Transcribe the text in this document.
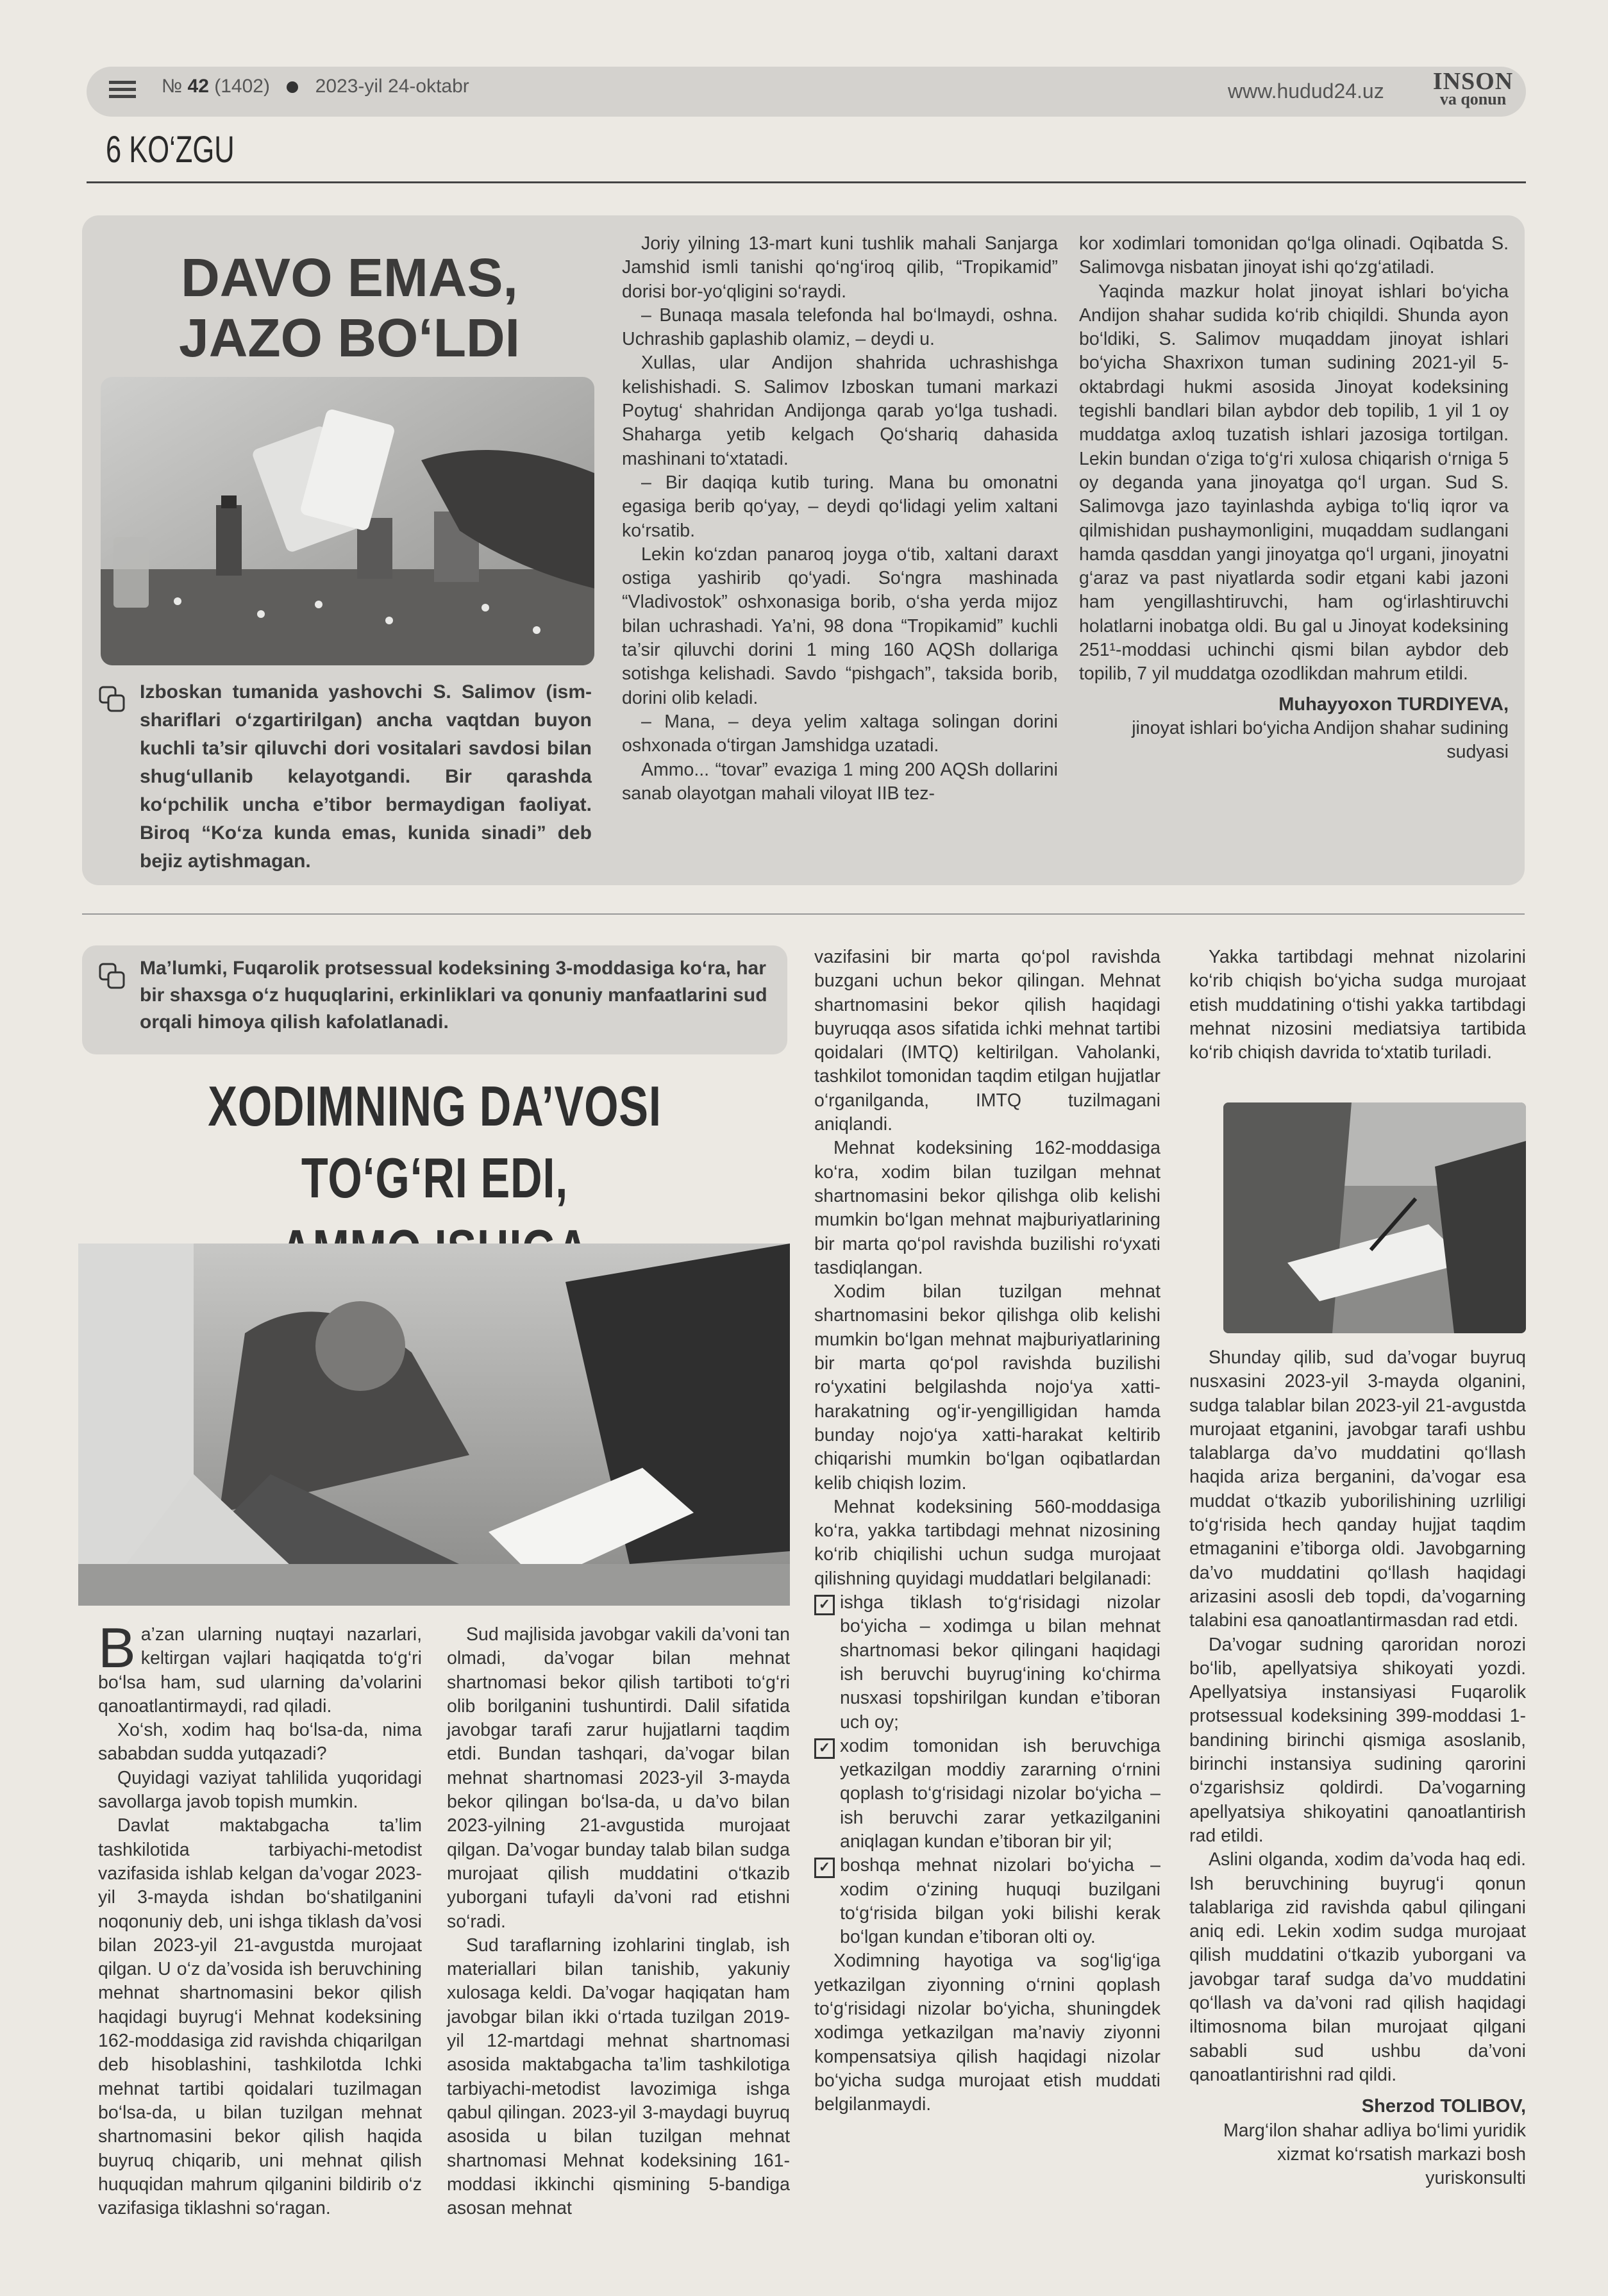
№ 42 (1402) 2023-yil 24-oktabr	www.hudud24.uz	INSON
va qonun
6 KO‘ZGU
DAVO EMAS,
JAZO BO‘LDI
Izboskan tumanida yashovchi S. Salimov (ism-shariflari o‘zgartirilgan) ancha vaqtdan buyon kuchli ta’sir qiluvchi dori vositalari savdosi bilan shug‘ullanib kelayotgandi. Bir qarashda ko‘pchilik uncha e’tibor bermaydigan faoliyat. Biroq “Ko‘za kunda emas, kunida sinadi” deb bejiz aytishmagan.

Joriy yilning 13-mart kuni tushlik mahali Sanjarga Jamshid ismli tanishi qo‘ng‘iroq qilib, “Tropikamid” dorisi bor-yo‘qligini so‘raydi.

– Bunaqa masala telefonda hal bo‘lmaydi, oshna. Uchrashib gaplashib olamiz, – deydi u.

Xullas, ular Andijon shahrida uchrashishga kelishishadi. S. Salimov Izboskan tumani markazi Poytug‘ shahridan Andijonga qarab yo‘lga tushadi. Shaharga yetib kelgach Qo‘shariq dahasida mashinani to‘xtatadi.

– Bir daqiqa kutib turing. Mana bu omonatni egasiga berib qo‘yay, – deydi qo‘lidagi yelim xaltani ko‘rsatib.

Lekin ko‘zdan panaroq joyga o‘tib, xaltani daraxt ostiga yashirib qo‘yadi. So‘ngra mashinada “Vladivostok” oshxonasiga borib, o‘sha yerda mijoz bilan uchrashadi. Ya’ni, 98 dona “Tropikamid” kuchli ta’sir qiluvchi dorini 1 ming 160 AQSh dollariga sotishga kelishadi. Savdo “pishgach”, taksida borib, dorini olib keladi.

– Mana, – deya yelim xaltaga solingan dorini oshxonada o‘tirgan Jamshidga uzatadi.

Ammo... “tovar” evaziga 1 ming 200 AQSh dollarini sanab olayotgan mahali viloyat IIB tez-

kor xodimlari tomonidan qo‘lga olinadi. Oqibatda S. Salimovga nisbatan jinoyat ishi qo‘zg‘atiladi.

Yaqinda mazkur holat jinoyat ishlari bo‘yicha Andijon shahar sudida ko‘rib chiqildi. Shunda ayon bo‘ldiki, S. Salimov muqaddam jinoyat ishlari bo‘yicha Shaxrixon tuman sudining 2021-yil 5-oktabrdagi hukmi asosida Jinoyat kodeksining tegishli bandlari bilan aybdor deb topilib, 1 yil 1 oy muddatga axloq tuzatish ishlari jazosiga tortilgan. Lekin bundan o‘ziga to‘g‘ri xulosa chiqarish o‘rniga 5 oy deganda yana jinoyatga qo‘l urgan. Sud S. Salimovga jazo tayinlashda aybiga to‘liq iqror va qilmishidan pushaymonligini, muqaddam sudlangani hamda qasddan yangi jinoyatga qo‘l urgani, jinoyatni g‘araz va past niyatlarda sodir etgani kabi jazoni ham yengillashtiruvchi, ham og‘irlashtiruvchi holatlarni inobatga oldi. Bu gal u Jinoyat kodeksining 251¹-moddasi uchinchi qismi bilan aybdor deb topilib, 7 yil muddatga ozodlikdan mahrum etildi.

Muhayyoxon TURDIYEVA,
jinoyat ishlari bo‘yicha Andijon shahar sudining sudyasi
Ma’lumki, Fuqarolik protsessual kodeksining 3-moddasiga ko‘ra, har bir shaxsga o‘z huquqlarini, erkinliklari va qonuniy manfaatlarini sud orqali himoya qilish kafolatlanadi.
XODIMNING DA’VOSI TO‘G‘RI EDI,

Ba’zan ularning nuqtayi nazarlari, keltirgan vajlari haqiqatda to‘g‘ri bo‘lsa ham, sud ularning da’volarini qanoatlantirmaydi, rad qiladi.

Xo‘sh, xodim haq bo‘lsa-da, nima sababdan sudda yutqazadi?

Quyidagi vaziyat tahlilida yuqoridagi savollarga javob topish mumkin.

Davlat maktabgacha ta’lim tashkilotida tarbiyachi-metodist vazifasida ishlab kelgan da’vogar 2023-yil 3-mayda ishdan bo‘shatilganini noqonuniy deb, uni ishga tiklash da’vosi bilan 2023-yil 21-avgustda murojaat qilgan. U o‘z da’vosida ish beruvchining mehnat shartnomasini bekor qilish haqidagi buyrug‘i Mehnat kodeksining 162-moddasiga zid ravishda chiqarilgan deb hisoblashini, tashkilotda Ichki mehnat tartibi qoidalari tuzilmagan bo‘lsa-da, u bilan tuzilgan mehnat shartnomasini bekor qilish haqida buyruq chiqarib, uni mehnat qilish huquqidan mahrum qilganini bildirib o‘z vazifasiga tiklashni so‘ragan.

Sud majlisida javobgar vakili da’voni tan olmadi, da’vogar bilan mehnat shartnomasi bekor qilish tartiboti to‘g‘ri olib borilganini tushuntirdi. Dalil sifatida javobgar tarafi zarur hujjatlarni taqdim etdi. Bundan tashqari, da’vogar bilan mehnat shartnomasi 2023-yil 3-mayda bekor qilingan bo‘lsa-da, u da’vo bilan 2023-yilning 21-avgustida murojaat qilgan. Da’vogar bunday talab bilan sudga murojaat qilish muddatini o‘tkazib yuborgani tufayli da’voni rad etishni so‘radi.

Sud taraflarning izohlarini tinglab, ish materiallari bilan tanishib, yakuniy xulosaga keldi. Da’vogar haqiqatan ham javobgar bilan ikki o‘rtada tuzilgan 2019-yil 12-martdagi mehnat shartnomasi asosida maktabgacha ta’lim tashkilotiga tarbiyachi-metodist lavozimiga ishga qabul qilingan. 2023-yil 3-maydagi buyruq asosida u bilan tuzilgan mehnat shartnomasi Mehnat kodeksining 161-moddasi ikkinchi qismining 5-bandiga asosan mehnat

vazifasini bir marta qo‘pol ravishda buzgani uchun bekor qilingan. Mehnat shartnomasini bekor qilish haqidagi buyruqqa asos sifatida ichki mehnat tartibi qoidalari (IMTQ) keltirilgan. Vaholanki, tashkilot tomonidan taqdim etilgan hujjatlar o‘rganilganda, IMTQ tuzilmagani aniqlandi.

Mehnat kodeksining 162-moddasiga ko‘ra, xodim bilan tuzilgan mehnat shartnomasini bekor qilishga olib kelishi mumkin bo‘lgan mehnat majburiyatlarining bir marta qo‘pol ravishda buzilishi ro‘yxati tasdiqlangan.

Xodim bilan tuzilgan mehnat shartnomasini bekor qilishga olib kelishi mumkin bo‘lgan mehnat majburiyatlarining bir marta qo‘pol ravishda buzilishi ro‘yxatini belgilashda nojo‘ya xatti-harakatning og‘ir-yengilligidan hamda bunday nojo‘ya xatti-harakat keltirib chiqarishi mumkin bo‘lgan oqibatlardan kelib chiqish lozim.

Mehnat kodeksining 560-moddasiga ko‘ra, yakka tartibdagi mehnat nizosining ko‘rib chiqilishi uchun sudga murojaat qilishning quyidagi muddatlari belgilanadi:

✓ ishga tiklash to‘g‘risidagi nizolar bo‘yicha – xodimga u bilan mehnat shartnomasi bekor qilingani haqidagi ish beruvchi buyrug‘ining ko‘chirma nusxasi topshirilgan kundan e’tiboran uch oy;
✓ xodim tomonidan ish beruvchiga yetkazilgan moddiy zararning o‘rnini qoplash to‘g‘risidagi nizolar bo‘yicha – ish beruvchi zarar yetkazilganini aniqlagan kundan e’tiboran bir yil;
✓ boshqa mehnat nizolari bo‘yicha – xodim o‘zining huquqi buzilgani to‘g‘risida bilgan yoki bilishi kerak bo‘lgan kundan e’tiboran olti oy.

Xodimning hayotiga va sog‘lig‘iga yetkazilgan ziyonning o‘rnini qoplash to‘g‘risidagi nizolar bo‘yicha, shuningdek xodimga yetkazilgan ma’naviy ziyonni kompensatsiya qilish haqidagi nizolar bo‘yicha sudga murojaat etish muddati belgilanmaydi.

Yakka tartibdagi mehnat nizolarini ko‘rib chiqish bo‘yicha sudga murojaat etish muddatining o‘tishi yakka tartibdagi mehnat nizosini mediatsiya tartibida ko‘rib chiqish davrida to‘xtatib turiladi.

Shunday qilib, sud da’vogar buyruq nusxasini 2023-yil 3-mayda olganini, sudga talablar bilan 2023-yil 21-avgustda murojaat etganini, javobgar tarafi ushbu talablarga da’vo muddatini qo‘llash haqida ariza berganini, da’vogar esa muddat o‘tkazib yuborilishining uzrliligi to‘g‘risida hech qanday hujjat taqdim etmaganini e’tiborga oldi. Javobgarning da’vo muddatini qo‘llash haqidagi arizasini asosli deb topdi, da’vogarning talabini esa qanoatlantirmasdan rad etdi.

Da’vogar sudning qaroridan norozi bo‘lib, apellyatsiya shikoyati yozdi. Apellyatsiya instansiyasi Fuqarolik protsessual kodeksining 399-moddasi 1-bandining birinchi qismiga asoslanib, birinchi instansiya sudining qarorini o‘zgarishsiz qoldirdi. Da’vogarning apellyatsiya shikoyatini qanoatlantirish rad etildi.

Aslini olganda, xodim da’voda haq edi. Ish beruvchining buyrug‘i qonun talablariga zid ravishda qabul qilingani aniq edi. Lekin xodim sudga murojaat qilish muddatini o‘tkazib yuborgani va javobgar taraf sudga da’vo muddatini qo‘llash va da’voni rad qilish haqidagi iltimosnoma bilan murojaat qilgani sababli sud ushbu da’voni qanoatlantirishni rad qildi.

Sherzod TOLIBOV,
Marg‘ilon shahar adliya bo‘limi yuridik xizmat ko‘rsatish markazi bosh yuriskonsulti
